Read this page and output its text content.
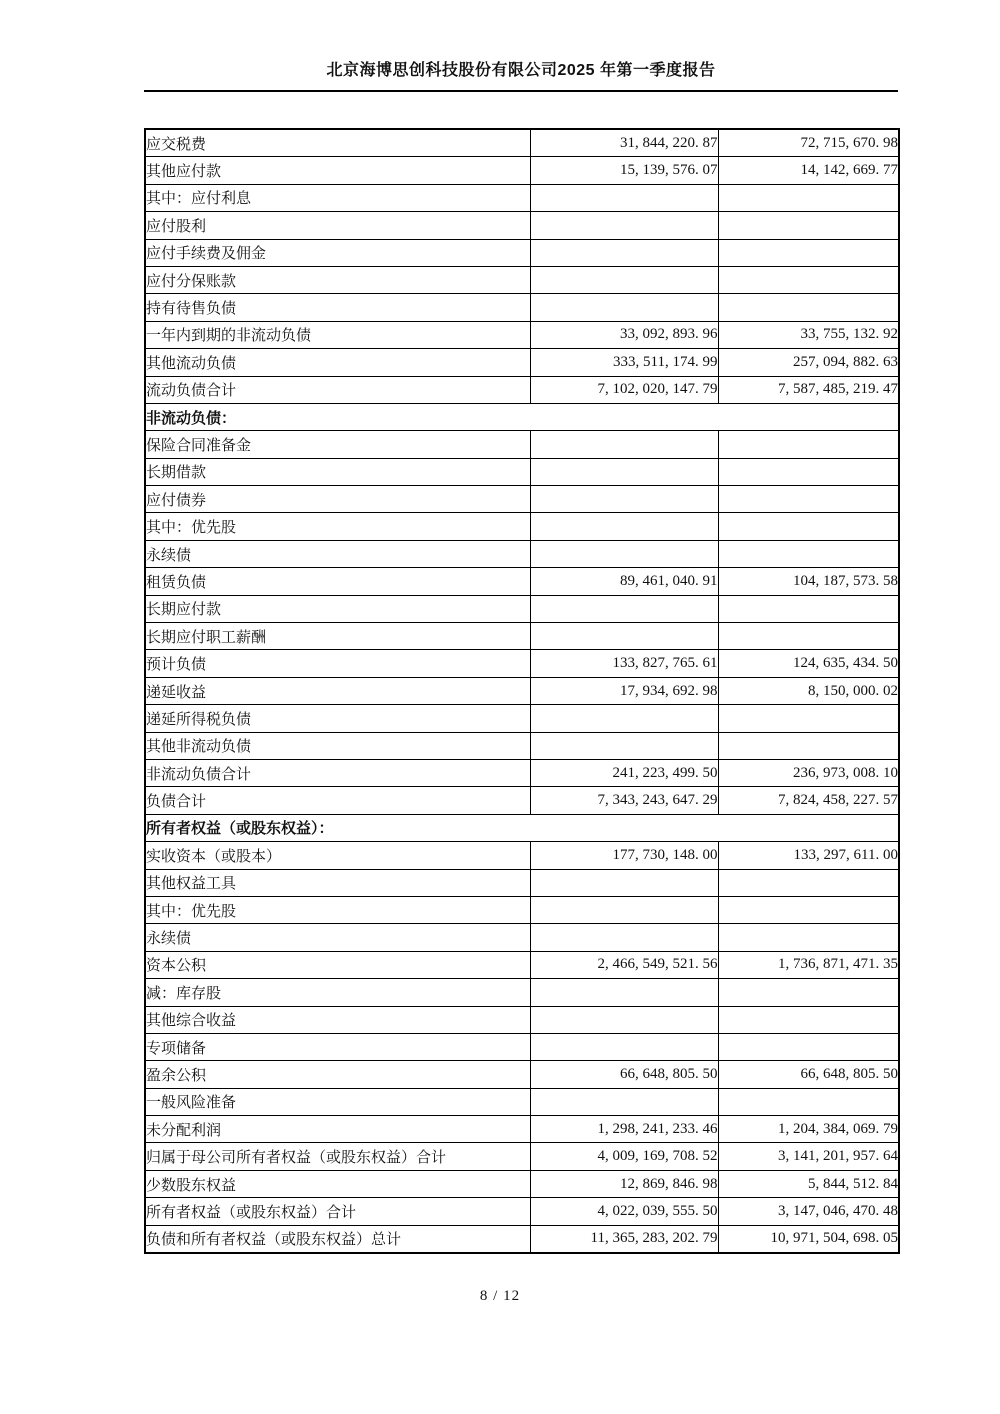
北京海博思创科技股份有限公司2025 年第一季度报告
应交税费	31, 844, 220. 87	72, 715, 670. 98
其他应付款	15, 139, 576. 07	14, 142, 669. 77
其中：应付利息		
应付股利		
应付手续费及佣金		
应付分保账款		
持有待售负债		
一年内到期的非流动负债	33, 092, 893. 96	33, 755, 132. 92
其他流动负债	333, 511, 174. 99	257, 094, 882. 63
流动负债合计	7, 102, 020, 147. 79	7, 587, 485, 219. 47
非流动负债：		
保险合同准备金		
长期借款		
应付债券		
其中：优先股		
永续债		
租赁负债	89, 461, 040. 91	104, 187, 573. 58
长期应付款		
长期应付职工薪酬		
预计负债	133, 827, 765. 61	124, 635, 434. 50
递延收益	17, 934, 692. 98	8, 150, 000. 02
递延所得税负债		
其他非流动负债		
非流动负债合计	241, 223, 499. 50	236, 973, 008. 10
负债合计	7, 343, 243, 647. 29	7, 824, 458, 227. 57
所有者权益（或股东权益）：		
实收资本（或股本）	177, 730, 148. 00	133, 297, 611. 00
其他权益工具		
其中：优先股		
永续债		
资本公积	2, 466, 549, 521. 56	1, 736, 871, 471. 35
减：库存股		
其他综合收益		
专项储备		
盈余公积	66, 648, 805. 50	66, 648, 805. 50
一般风险准备		
未分配利润	1, 298, 241, 233. 46	1, 204, 384, 069. 79
归属于母公司所有者权益（或股东权益）合计	4, 009, 169, 708. 52	3, 141, 201, 957. 64
少数股东权益	12, 869, 846. 98	5, 844, 512. 84
所有者权益（或股东权益）合计	4, 022, 039, 555. 50	3, 147, 046, 470. 48
负债和所有者权益（或股东权益）总计	11, 365, 283, 202. 79	10, 971, 504, 698. 05
8 / 12
